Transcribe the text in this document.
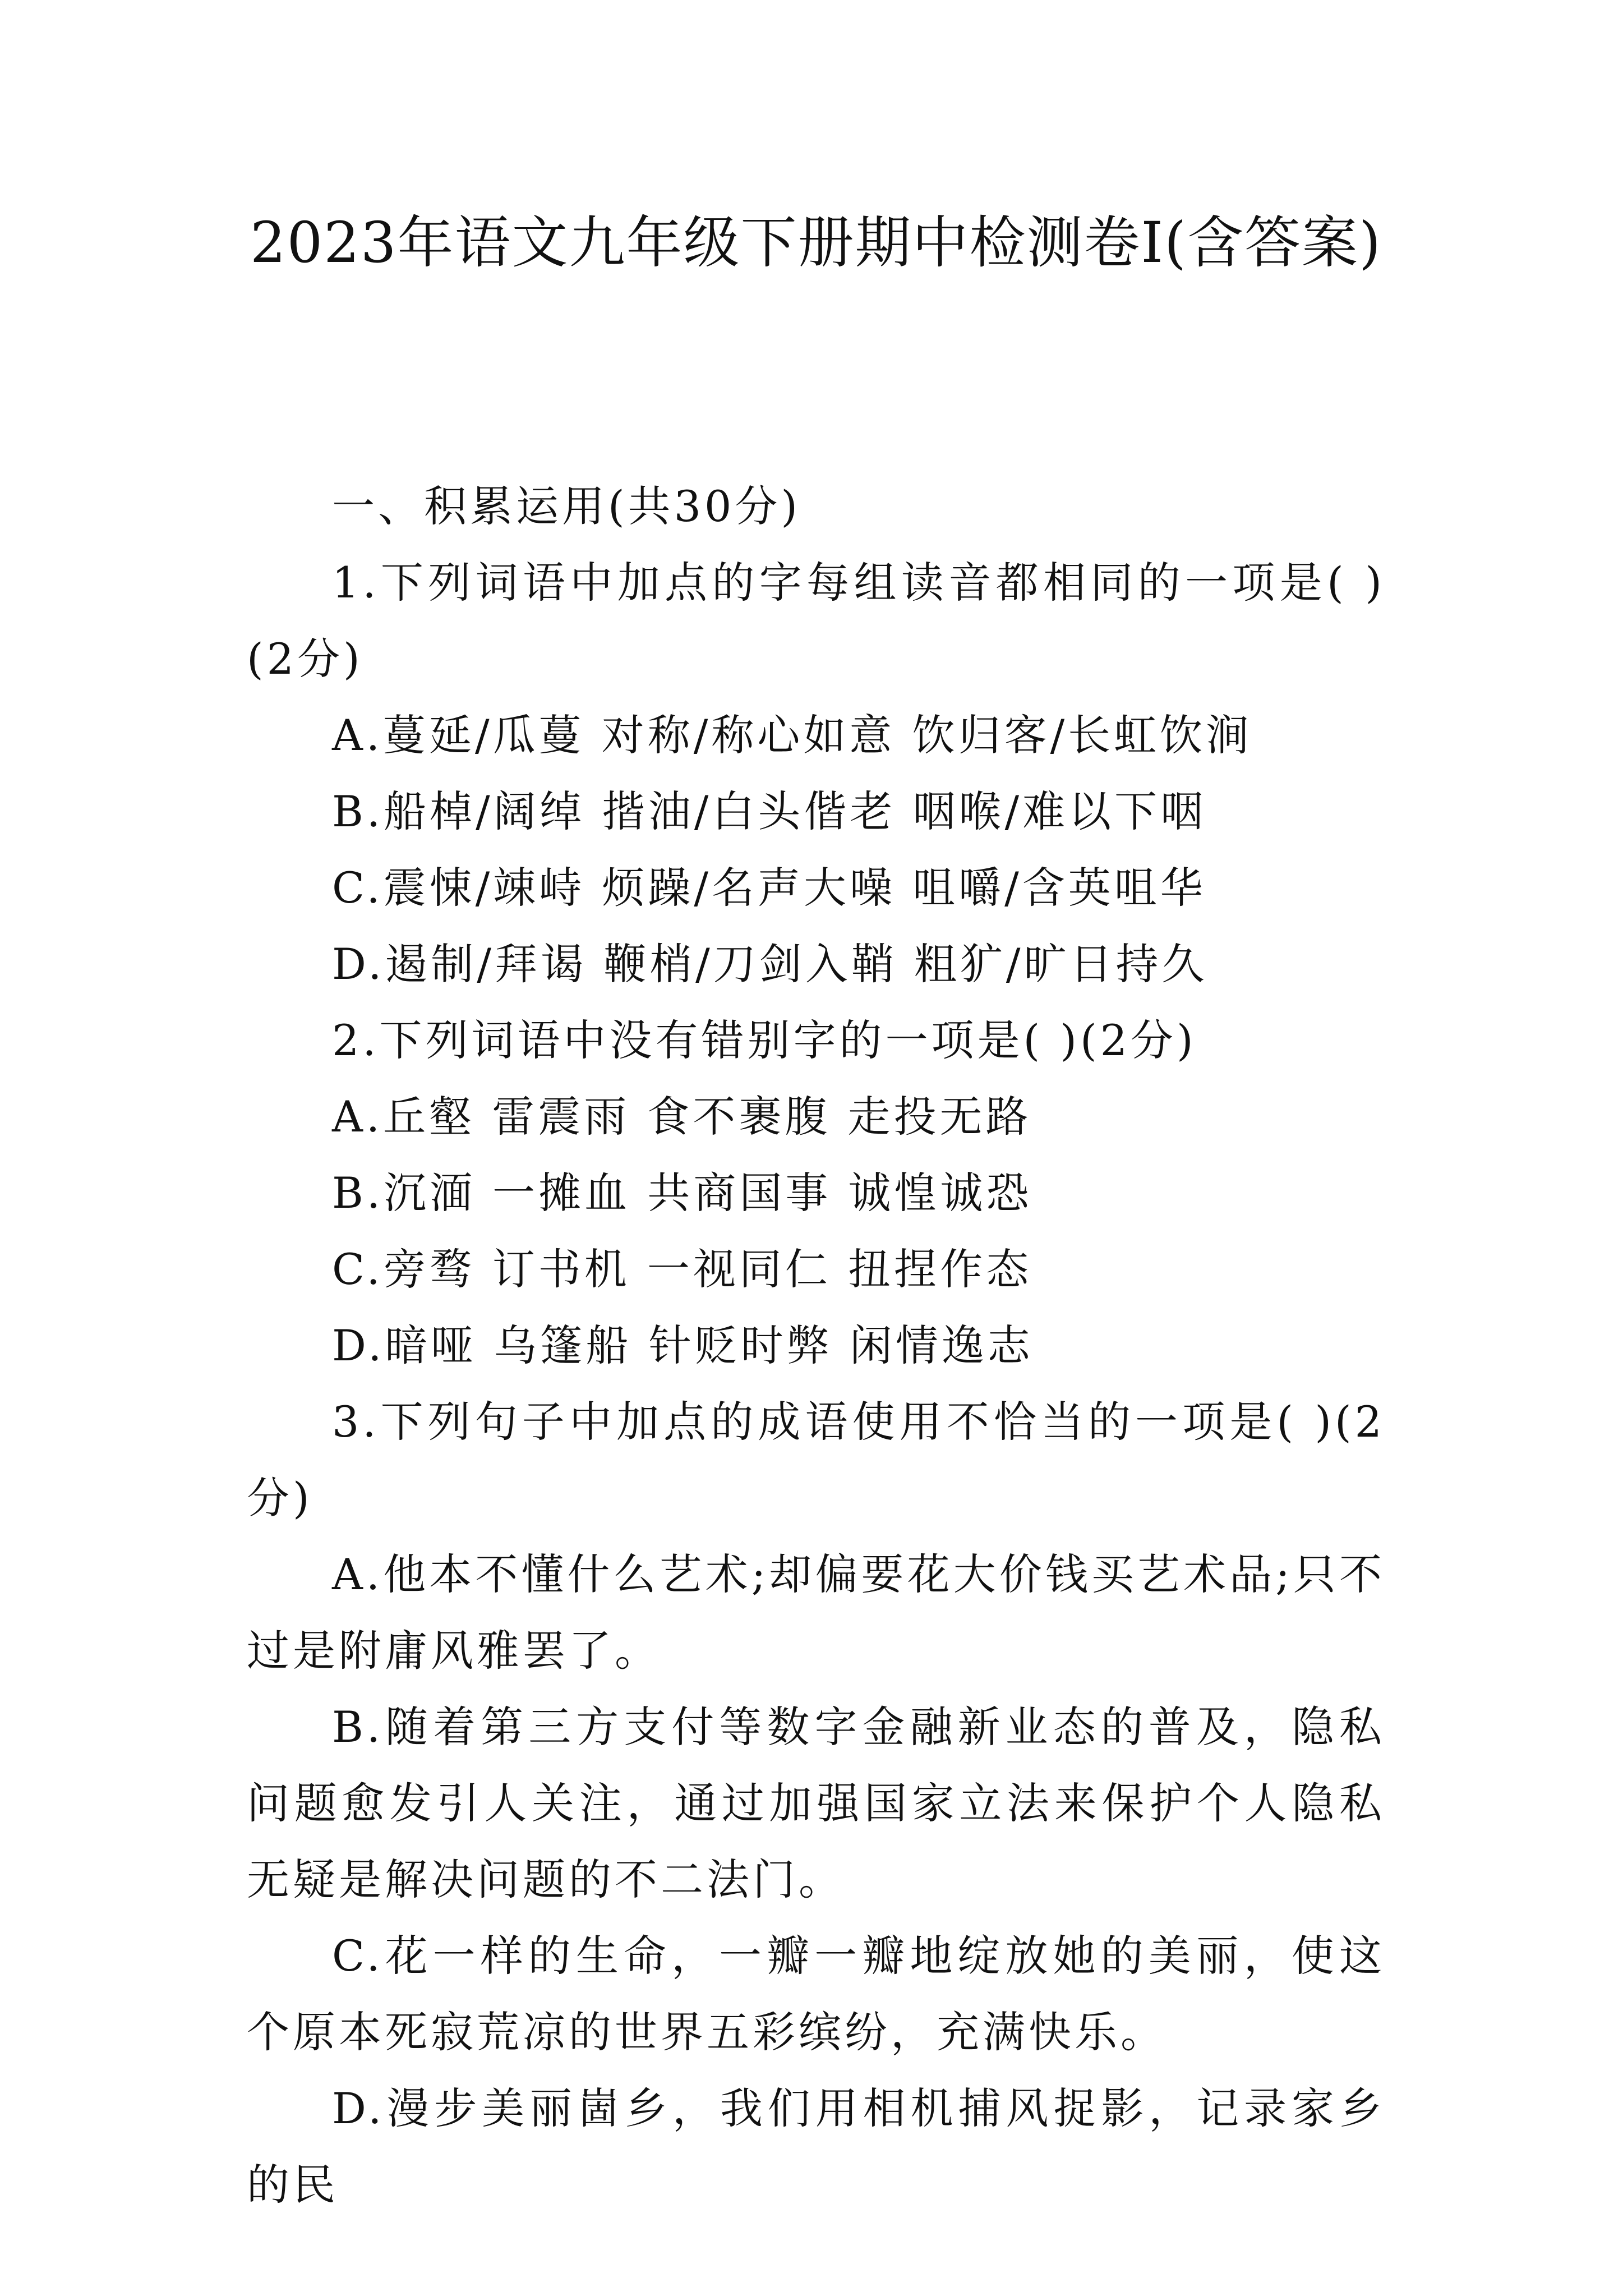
2023年语文九年级下册期中检测卷Ⅰ(含答案)

一、积累运用(共30分)

1.下列词语中加点的字每组读音都相同的一项是( )(2分)

A.蔓延/瓜蔓 对称/称心如意 饮归客/长虹饮涧

B.船棹/阔绰 揩油/白头偕老 咽喉/难以下咽

C.震悚/竦峙 烦躁/名声大噪 咀嚼/含英咀华

D.遏制/拜谒 鞭梢/刀剑入鞘 粗犷/旷日持久

2.下列词语中没有错别字的一项是( )(2分)

A.丘壑 雷震雨 食不裹腹 走投无路

B.沉湎 一摊血 共商国事 诚惶诚恐

C.旁骛 订书机 一视同仁 扭捏作态

D.暗哑 乌篷船 针贬时弊 闲情逸志

3.下列句子中加点的成语使用不恰当的一项是( )(2分)

A.他本不懂什么艺术;却偏要花大价钱买艺术品;只不过是附庸风雅罢了。

B.随着第三方支付等数字金融新业态的普及，隐私问题愈发引人关注，通过加强国家立法来保护个人隐私无疑是解决问题的不二法门。

C.花一样的生命，一瓣一瓣地绽放她的美丽，使这个原本死寂荒凉的世界五彩缤纷，充满快乐。

D.漫步美丽崮乡，我们用相机捕风捉影，记录家乡的民
